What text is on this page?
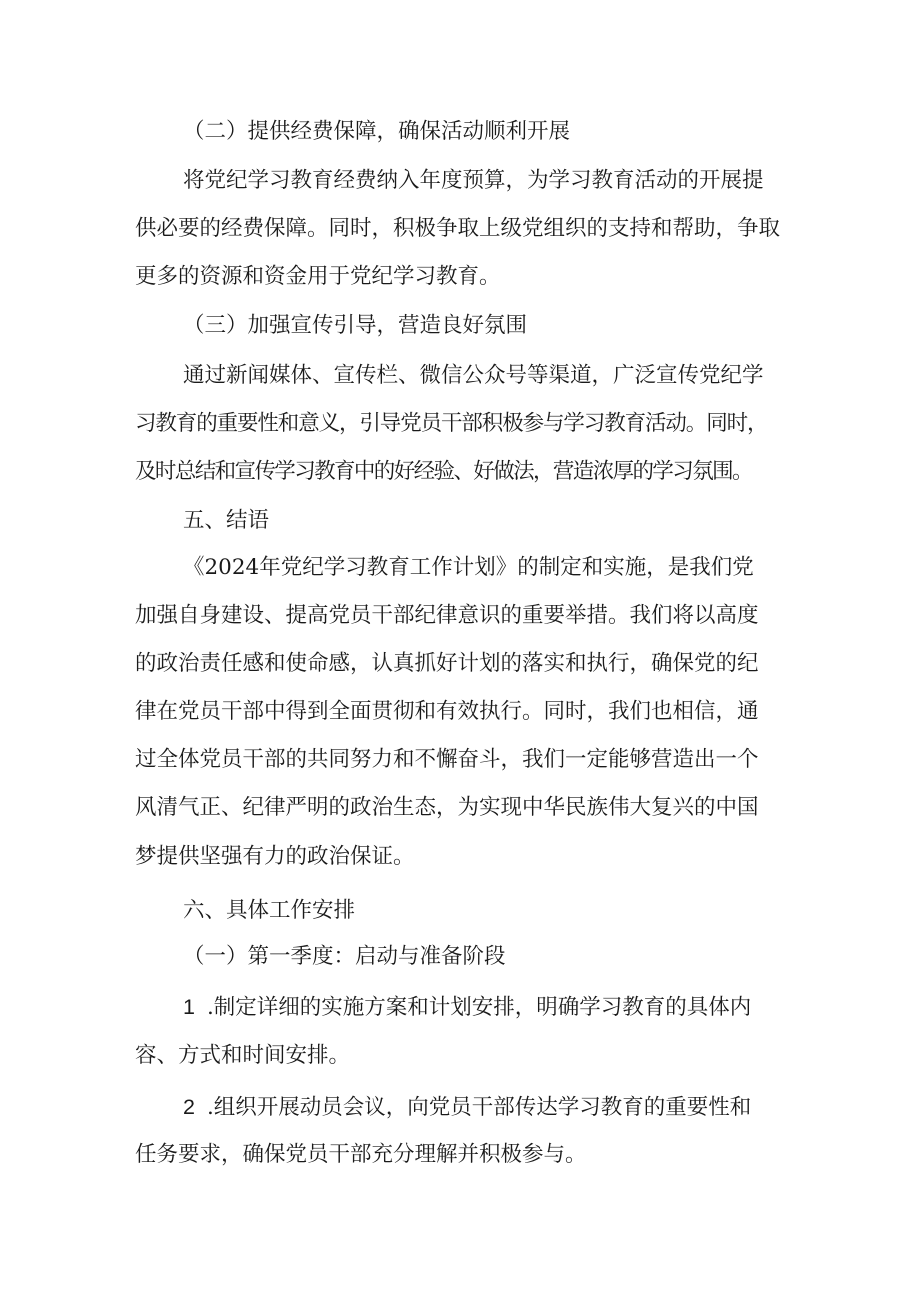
（二）提供经费保障，确保活动顺利开展

将党纪学习教育经费纳入年度预算，为学习教育活动的开展提

供必要的经费保障。同时，积极争取上级党组织的支持和帮助，争取

更多的资源和资金用于党纪学习教育。

（三）加强宣传引导，营造良好氛围

通过新闻媒体、宣传栏、微信公众号等渠道，广泛宣传党纪学

习教育的重要性和意义，引导党员干部积极参与学习教育活动。同时，

及时总结和宣传学习教育中的好经验、好做法，营造浓厚的学习氛围。

五、结语

《2024年党纪学习教育工作计划》的制定和实施，是我们党

加强自身建设、提高党员干部纪律意识的重要举措。我们将以高度

的政治责任感和使命感，认真抓好计划的落实和执行，确保党的纪

律在党员干部中得到全面贯彻和有效执行。同时，我们也相信，通

过全体党员干部的共同努力和不懈奋斗，我们一定能够营造出一个

风清气正、纪律严明的政治生态，为实现中华民族伟大复兴的中国

梦提供坚强有力的政治保证。

六、具体工作安排

（一）第一季度：启动与准备阶段

1 .制定详细的实施方案和计划安排，明确学习教育的具体内

容、方式和时间安排。

2 .组织开展动员会议，向党员干部传达学习教育的重要性和

任务要求，确保党员干部充分理解并积极参与。
